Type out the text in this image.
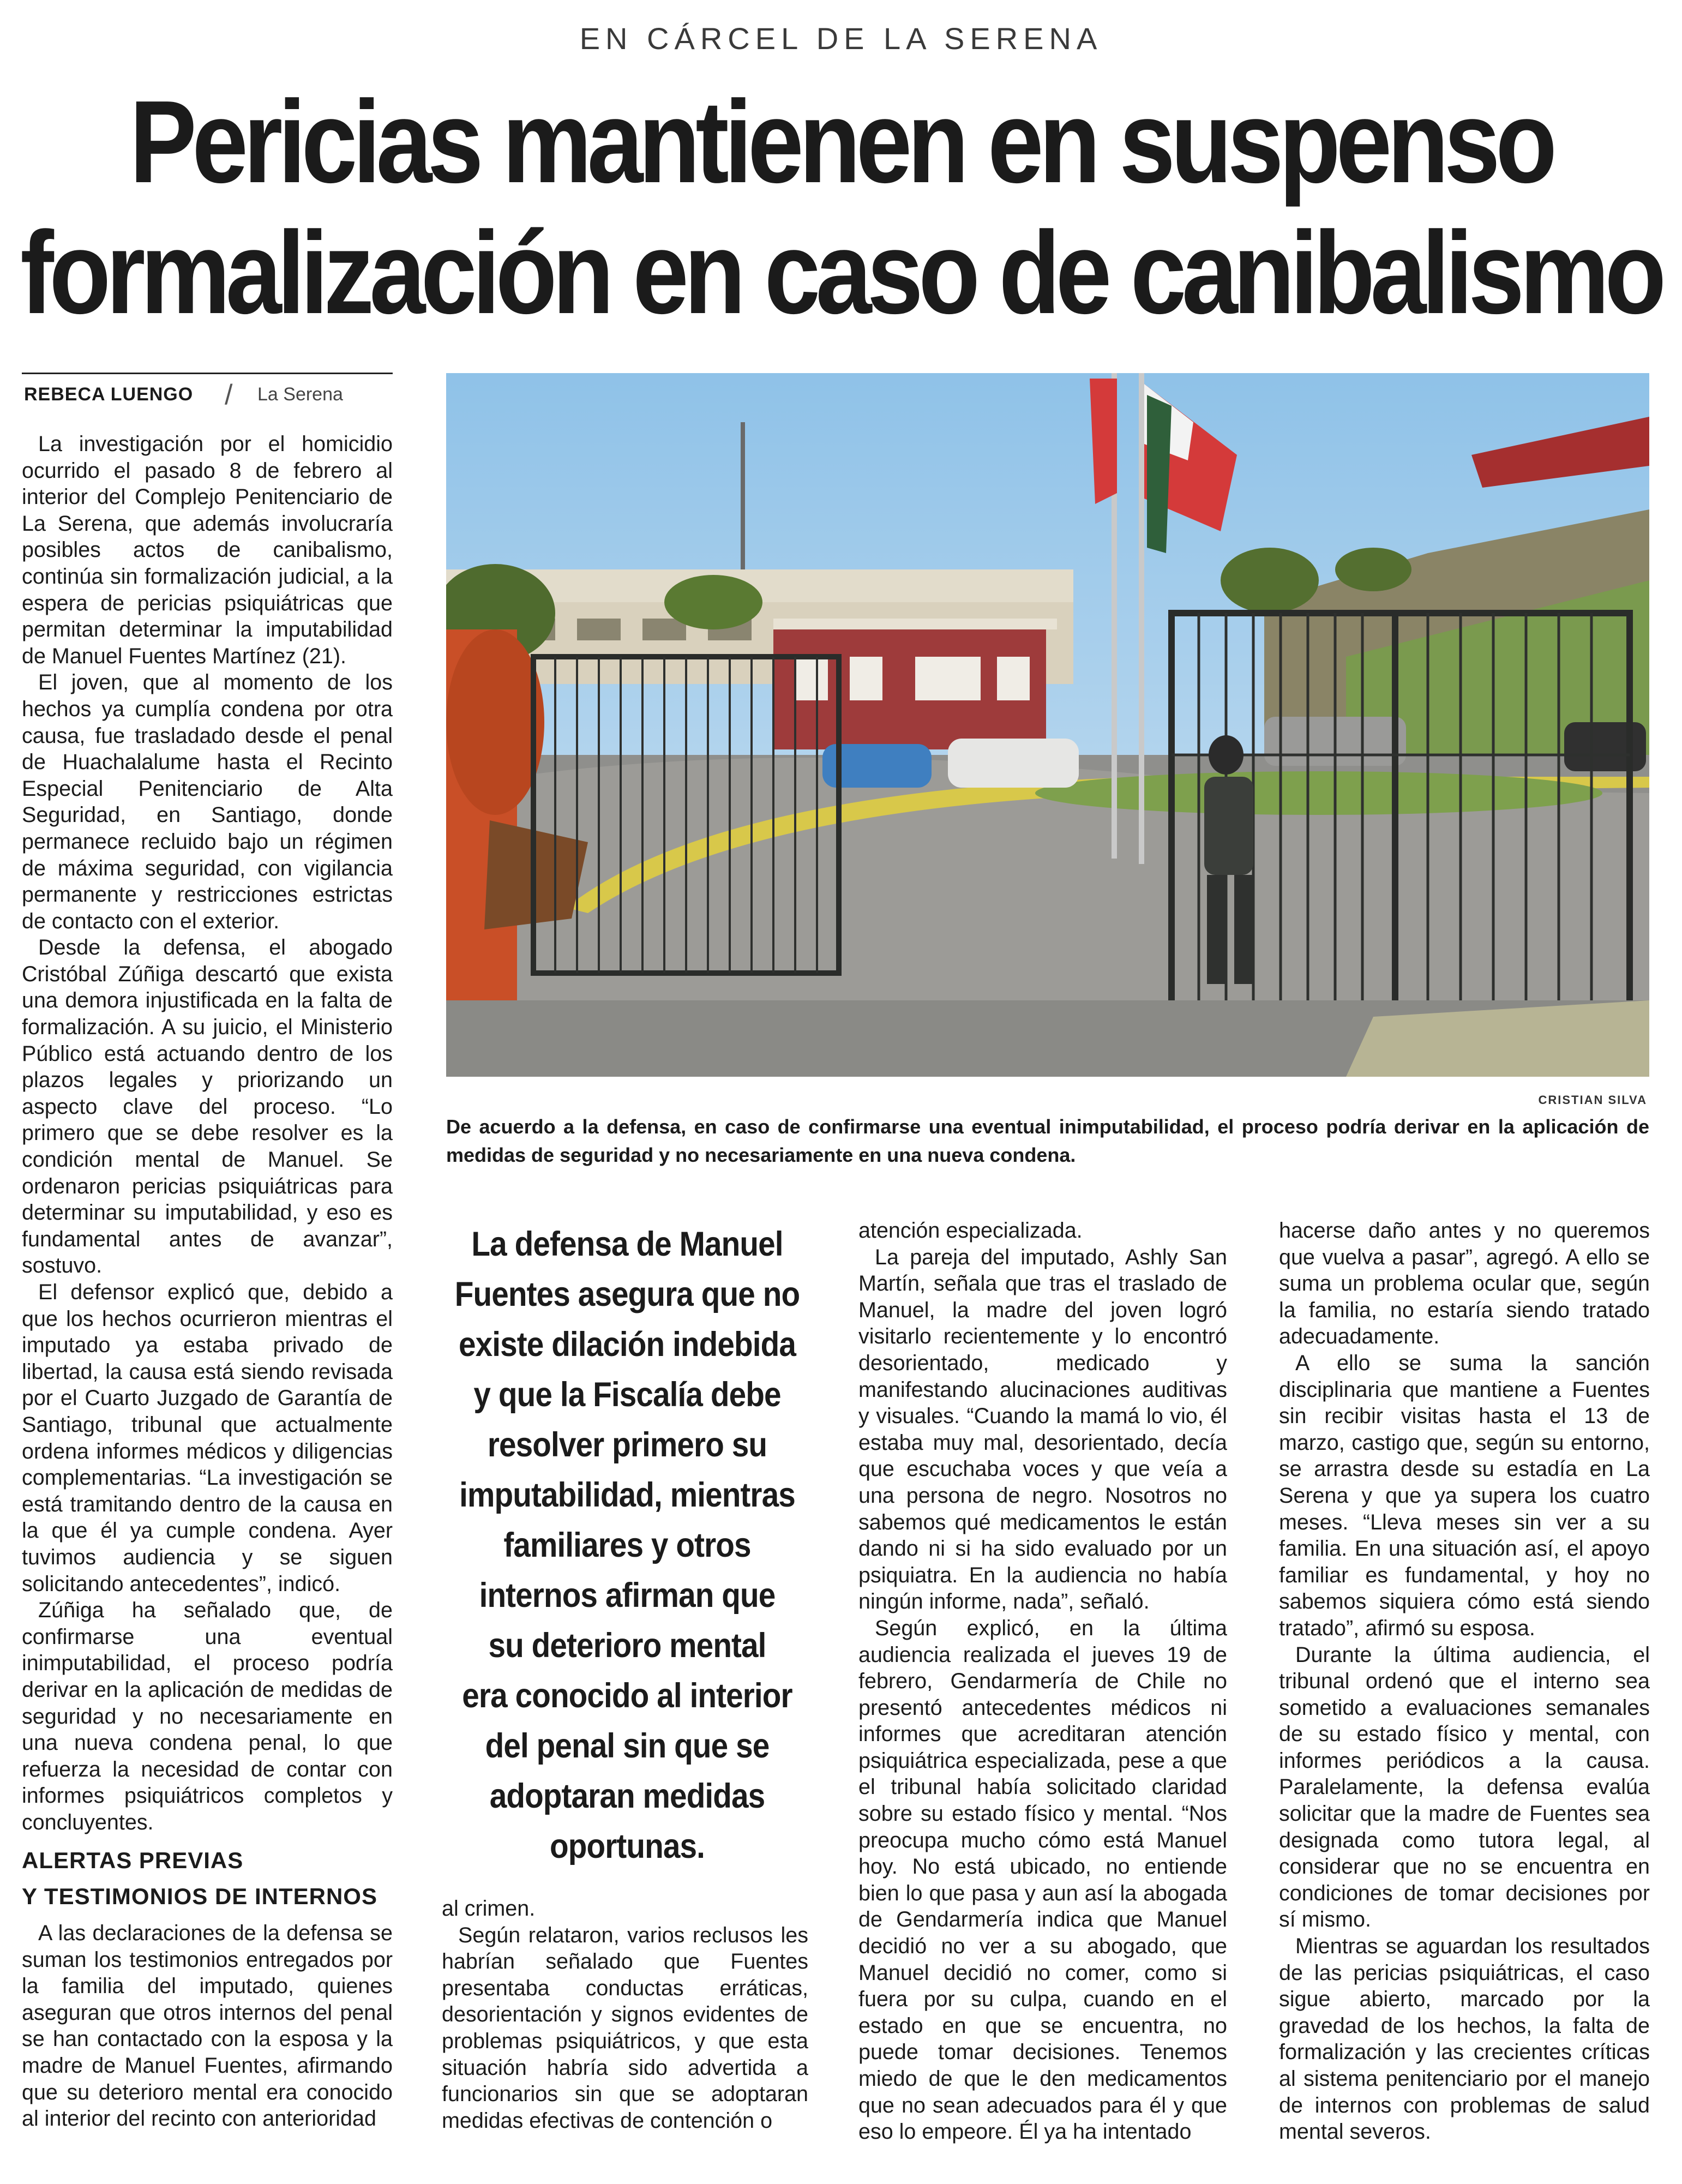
EN CÁRCEL DE LA SERENA
Pericias mantienen en suspenso
formalización en caso de canibalismo
REBECA LUENGO / La Serena

La investigación por el homicidio ocurrido el pasado 8 de febrero al interior del Complejo Penitenciario de La Serena, que además involucraría posibles actos de canibalismo, continúa sin formalización judicial, a la espera de pericias psiquiátricas que permitan determinar la imputabilidad de Manuel Fuentes Martínez (21).

El joven, que al momento de los hechos ya cumplía condena por otra causa, fue trasladado desde el penal de Huachalalume hasta el Recinto Especial Penitenciario de Alta Seguridad, en Santiago, donde permanece recluido bajo un régimen de máxima seguridad, con vigilancia permanente y restricciones estrictas de contacto con el exterior.

Desde la defensa, el abogado Cristóbal Zúñiga descartó que exista una demora injustificada en la falta de formalización. A su juicio, el Ministerio Público está actuando dentro de los plazos legales y priorizando un aspecto clave del proceso. “Lo primero que se debe resolver es la condición mental de Manuel. Se ordenaron pericias psiquiátricas para determinar su imputabilidad, y eso es fundamental antes de avanzar”, sostuvo.

El defensor explicó que, debido a que los hechos ocurrieron mientras el imputado ya estaba privado de libertad, la causa está siendo revisada por el Cuarto Juzgado de Garantía de Santiago, tribunal que actualmente ordena informes médicos y diligencias complementarias. “La investigación se está tramitando dentro de la causa en la que él ya cumple condena. Ayer tuvimos audiencia y se siguen solicitando antecedentes”, indicó.

Zúñiga ha señalado que, de confirmarse una eventual inimputabilidad, el proceso podría derivar en la aplicación de medidas de seguridad y no necesariamente en una nueva condena penal, lo que refuerza la necesidad de contar con informes psiquiátricos completos y concluyentes.

ALERTAS PREVIAS
Y TESTIMONIOS DE INTERNOS

A las declaraciones de la defensa se suman los testimonios entregados por la familia del imputado, quienes aseguran que otros internos del penal se han contactado con la esposa y la madre de Manuel Fuentes, afirmando que su deterioro mental era conocido al interior del recinto con anterioridad

CRISTIAN SILVA
De acuerdo a la defensa, en caso de confirmarse una eventual inimputabilidad, el proceso podría derivar en la aplicación de medidas de seguridad y no necesariamente en una nueva condena.
La defensa de Manuel
Fuentes asegura que no
existe dilación indebida
y que la Fiscalía debe
resolver primero su
imputabilidad, mientras
familiares y otros
internos afirman que
su deterioro mental
era conocido al interior
del penal sin que se
adoptaran medidas
oportunas.

al crimen.

Según relataron, varios reclusos les habrían señalado que Fuentes presentaba conductas erráticas, desorientación y signos evidentes de problemas psiquiátricos, y que esta situación habría sido advertida a funcionarios sin que se adoptaran medidas efectivas de contención o

atención especializada.

La pareja del imputado, Ashly San Martín, señala que tras el traslado de Manuel, la madre del joven logró visitarlo recientemente y lo encontró desorientado, medicado y manifestando alucinaciones auditivas y visuales. “Cuando la mamá lo vio, él estaba muy mal, desorientado, decía que escuchaba voces y que veía a una persona de negro. Nosotros no sabemos qué medicamentos le están dando ni si ha sido evaluado por un psiquiatra. En la audiencia no había ningún informe, nada”, señaló.

Según explicó, en la última audiencia realizada el jueves 19 de febrero, Gendarmería de Chile no presentó antecedentes médicos ni informes que acreditaran atención psiquiátrica especializada, pese a que el tribunal había solicitado claridad sobre su estado físico y mental. “Nos preocupa mucho cómo está Manuel hoy. No está ubicado, no entiende bien lo que pasa y aun así la abogada de Gendarmería indica que Manuel decidió no ver a su abogado, que Manuel decidió no comer, como si fuera por su culpa, cuando en el estado en que se encuentra, no puede tomar decisiones. Tenemos miedo de que le den medicamentos que no sean adecuados para él y que eso lo empeore. Él ya ha intentado

hacerse daño antes y no queremos que vuelva a pasar”, agregó. A ello se suma un problema ocular que, según la familia, no estaría siendo tratado adecuadamente.

A ello se suma la sanción disciplinaria que mantiene a Fuentes sin recibir visitas hasta el 13 de marzo, castigo que, según su entorno, se arrastra desde su estadía en La Serena y que ya supera los cuatro meses. “Lleva meses sin ver a su familia. En una situación así, el apoyo familiar es fundamental, y hoy no sabemos siquiera cómo está siendo tratado”, afirmó su esposa.

Durante la última audiencia, el tribunal ordenó que el interno sea sometido a evaluaciones semanales de su estado físico y mental, con informes periódicos a la causa. Paralelamente, la defensa evalúa solicitar que la madre de Fuentes sea designada como tutora legal, al considerar que no se encuentra en condiciones de tomar decisiones por sí mismo.

Mientras se aguardan los resultados de las pericias psiquiátricas, el caso sigue abierto, marcado por la gravedad de los hechos, la falta de formalización y las crecientes críticas al sistema penitenciario por el manejo de internos con problemas de salud mental severos.
